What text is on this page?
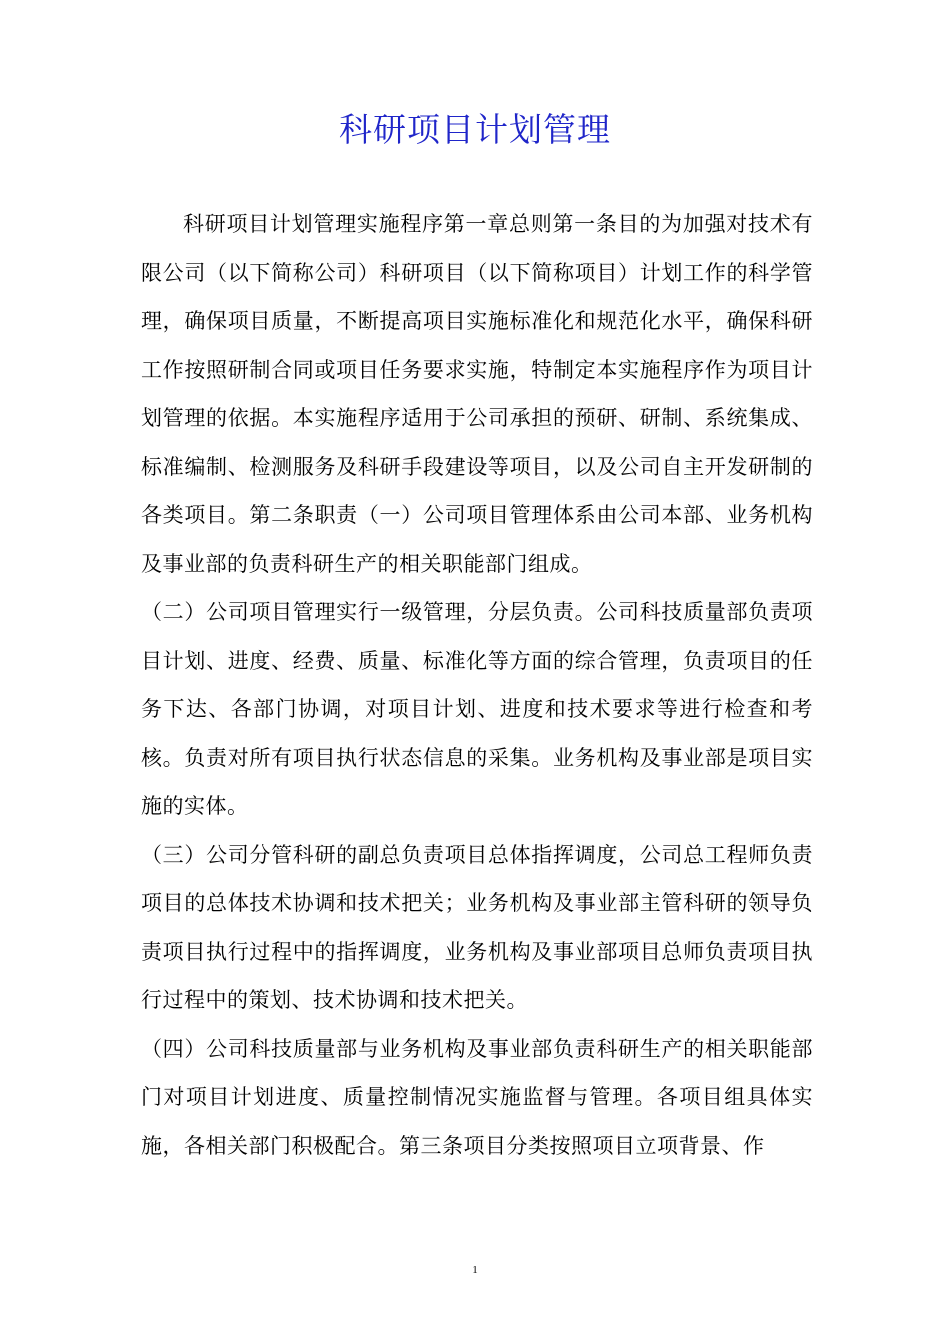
科研项目计划管理

科研项目计划管理实施程序第一章总则第一条目的为加强对技术有限公司（以下简称公司）科研项目（以下简称项目）计划工作的科学管理，确保项目质量，不断提高项目实施标准化和规范化水平，确保科研工作按照研制合同或项目任务要求实施，特制定本实施程序作为项目计划管理的依据。本实施程序适用于公司承担的预研、研制、系统集成、标准编制、检测服务及科研手段建设等项目，以及公司自主开发研制的各类项目。第二条职责（一）公司项目管理体系由公司本部、业务机构及事业部的负责科研生产的相关职能部门组成。

（二）公司项目管理实行一级管理，分层负责。公司科技质量部负责项目计划、进度、经费、质量、标准化等方面的综合管理，负责项目的任务下达、各部门协调，对项目计划、进度和技术要求等进行检查和考核。负责对所有项目执行状态信息的采集。业务机构及事业部是项目实施的实体。

（三）公司分管科研的副总负责项目总体指挥调度，公司总工程师负责项目的总体技术协调和技术把关；业务机构及事业部主管科研的领导负责项目执行过程中的指挥调度，业务机构及事业部项目总师负责项目执行过程中的策划、技术协调和技术把关。

（四）公司科技质量部与业务机构及事业部负责科研生产的相关职能部门对项目计划进度、质量控制情况实施监督与管理。各项目组具体实施，各相关部门积极配合。第三条项目分类按照项目立项背景、作

1
